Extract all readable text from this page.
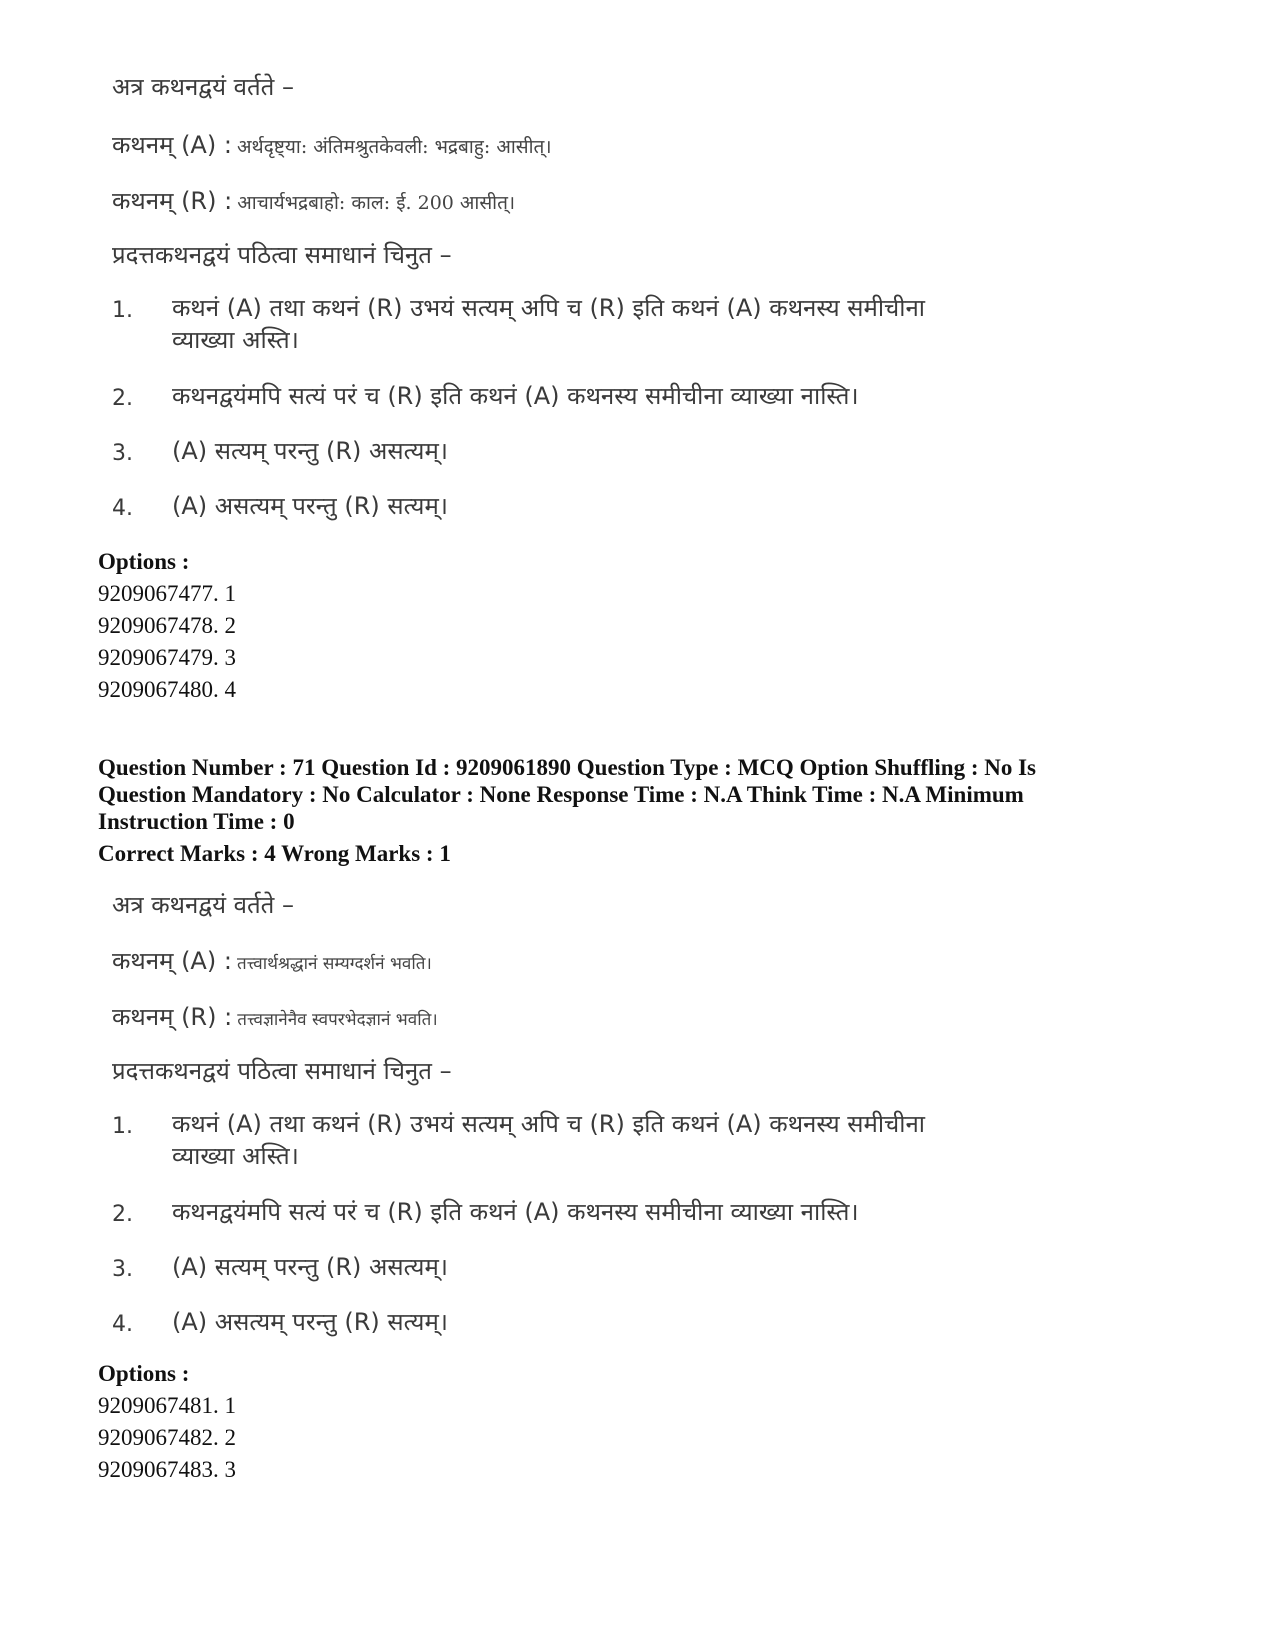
अत्र कथनद्वयं वर्तते –
कथनम् (A) : अर्थदृष्ट्या: अंतिमश्रुतकेवली: भद्रबाहु: आसीत्।
कथनम् (R) : आचार्यभद्रबाहो: काल: ई. 200 आसीत्।
प्रदत्तकथनद्वयं पठित्वा समाधानं चिनुत –
1. कथनं (A) तथा कथनं (R) उभयं सत्यम् अपि च (R) इति कथनं (A) कथनस्य समीचीना व्याख्या अस्ति।
2. कथनद्वयंमपि सत्यं परं च (R) इति कथनं (A) कथनस्य समीचीना व्याख्या नास्ति।
3. (A) सत्यम् परन्तु (R) असत्यम्।
4. (A) असत्यम् परन्तु (R) सत्यम्।
Options :
9209067477. 1
9209067478. 2
9209067479. 3
9209067480. 4
Question Number : 71 Question Id : 9209061890 Question Type : MCQ Option Shuffling : No Is
Question Mandatory : No Calculator : None Response Time : N.A Think Time : N.A Minimum
Instruction Time : 0
Correct Marks : 4 Wrong Marks : 1
अत्र कथनद्वयं वर्तते –
कथनम् (A) : तत्त्वार्थश्रद्धानं सम्यग्दर्शनं भवति।
कथनम् (R) : तत्त्वज्ञानेनैव स्वपरभेदज्ञानं भवति।
प्रदत्तकथनद्वयं पठित्वा समाधानं चिनुत –
1. कथनं (A) तथा कथनं (R) उभयं सत्यम् अपि च (R) इति कथनं (A) कथनस्य समीचीना व्याख्या अस्ति।
2. कथनद्वयंमपि सत्यं परं च (R) इति कथनं (A) कथनस्य समीचीना व्याख्या नास्ति।
3. (A) सत्यम् परन्तु (R) असत्यम्।
4. (A) असत्यम् परन्तु (R) सत्यम्।
Options :
9209067481. 1
9209067482. 2
9209067483. 3
